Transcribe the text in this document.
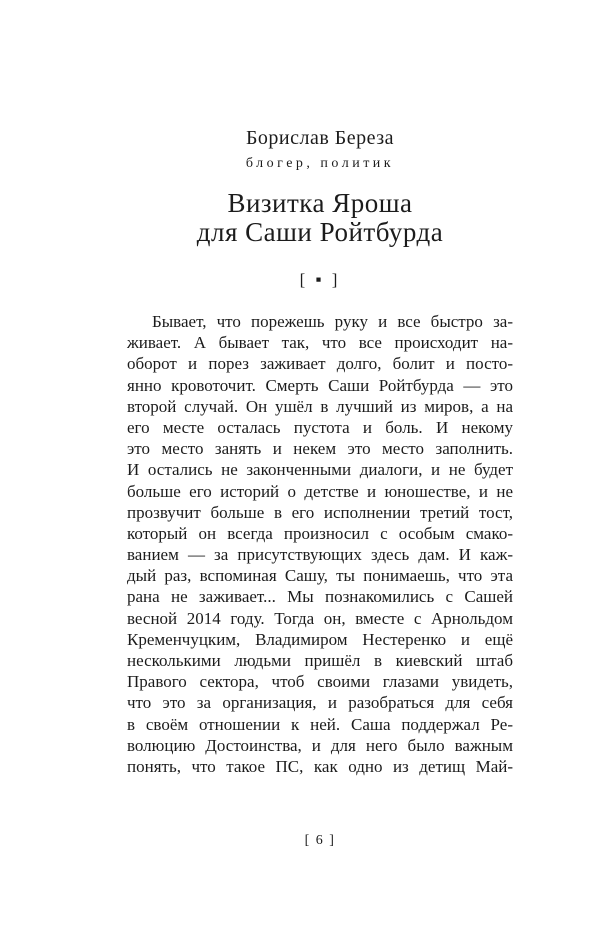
Борислав Береза
блогер, политик
Визитка Яроша
для Саши Ройтбурда
[ ▪ ]
Бывает, что порежешь руку и все быстро за-
живает. А бывает так, что все происходит на-
оборот и порез заживает долго, болит и посто-
янно кровоточит. Смерть Саши Ройтбурда — это
второй случай. Он ушёл в лучший из миров, а на
его месте осталась пустота и боль. И некому
это место занять и некем это место заполнить.
И остались не законченными диалоги, и не будет
больше его историй о детстве и юношестве, и не
прозвучит больше в его исполнении третий тост,
который он всегда произносил с особым смако-
ванием — за присутствующих здесь дам. И каж-
дый раз, вспоминая Сашу, ты понимаешь, что эта
рана не заживает... Мы познакомились с Сашей
весной 2014 году. Тогда он, вместе с Арнольдом
Кременчуцким, Владимиром Нестеренко и ещё
несколькими людьми пришёл в киевский штаб
Правого сектора, чтоб своими глазами увидеть,
что это за организация, и разобраться для себя
в своём отношении к ней. Саша поддержал Ре-
волюцию Достоинства, и для него было важным
понять, что такое ПС, как одно из детищ Май-
[ 6 ]
